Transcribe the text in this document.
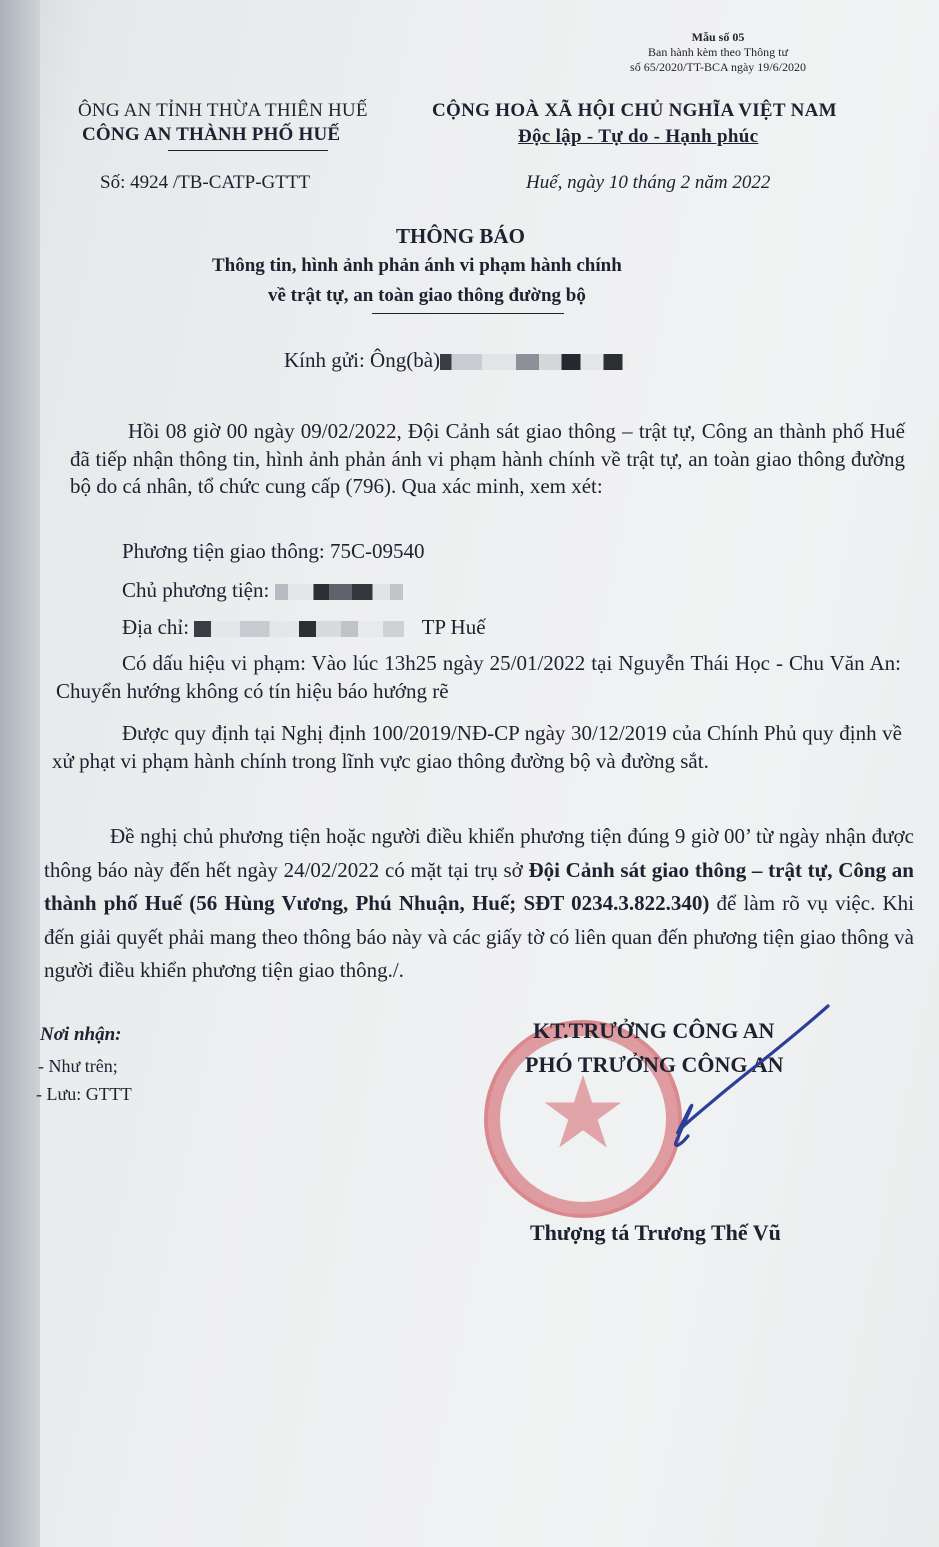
Mẫu số 05
Ban hành kèm theo Thông tư
số 65/2020/TT-BCA ngày 19/6/2020
ÔNG AN TỈNH THỪA THIÊN HUẾ
CÔNG AN THÀNH PHỐ HUẾ
Số: 4924 /TB-CATP-GTTT
CỘNG HOÀ XÃ HỘI CHỦ NGHĨA VIỆT NAM
Độc lập - Tự do - Hạnh phúc
Huế, ngày 10 tháng 2 năm 2022
THÔNG BÁO
Thông tin, hình ảnh phản ánh vi phạm hành chính
về trật tự, an toàn giao thông đường bộ
Kính gửi: Ông(bà)
Hồi 08 giờ 00 ngày 09/02/2022, Đội Cảnh sát giao thông – trật tự, Công an thành phố Huế đã tiếp nhận thông tin, hình ảnh phản ánh vi phạm hành chính về trật tự, an toàn giao thông đường bộ do cá nhân, tổ chức cung cấp (796). Qua xác minh, xem xét:
Phương tiện giao thông: 75C-09540
Chủ phương tiện:
Địa chỉ:	TP Huế
Có dấu hiệu vi phạm: Vào lúc 13h25 ngày 25/01/2022 tại Nguyễn Thái Học - Chu Văn An: Chuyển hướng không có tín hiệu báo hướng rẽ
Được quy định tại Nghị định 100/2019/NĐ-CP ngày 30/12/2019 của Chính Phủ quy định về xử phạt vi phạm hành chính trong lĩnh vực giao thông đường bộ và đường sắt.
Đề nghị chủ phương tiện hoặc người điều khiển phương tiện đúng 9 giờ 00’ từ ngày nhận được thông báo này đến hết ngày 24/02/2022 có mặt tại trụ sở Đội Cảnh sát giao thông – trật tự, Công an thành phố Huế (56 Hùng Vương, Phú Nhuận, Huế; SĐT 0234.3.822.340) để làm rõ vụ việc. Khi đến giải quyết phải mang theo thông báo này và các giấy tờ có liên quan đến phương tiện giao thông và người điều khiển phương tiện giao thông./.
Nơi nhận:
- Như trên;
- Lưu: GTTT	★
KT.TRƯỞNG CÔNG AN
PHÓ TRƯỞNG CÔNG AN
Thượng tá Trương Thế Vũ
